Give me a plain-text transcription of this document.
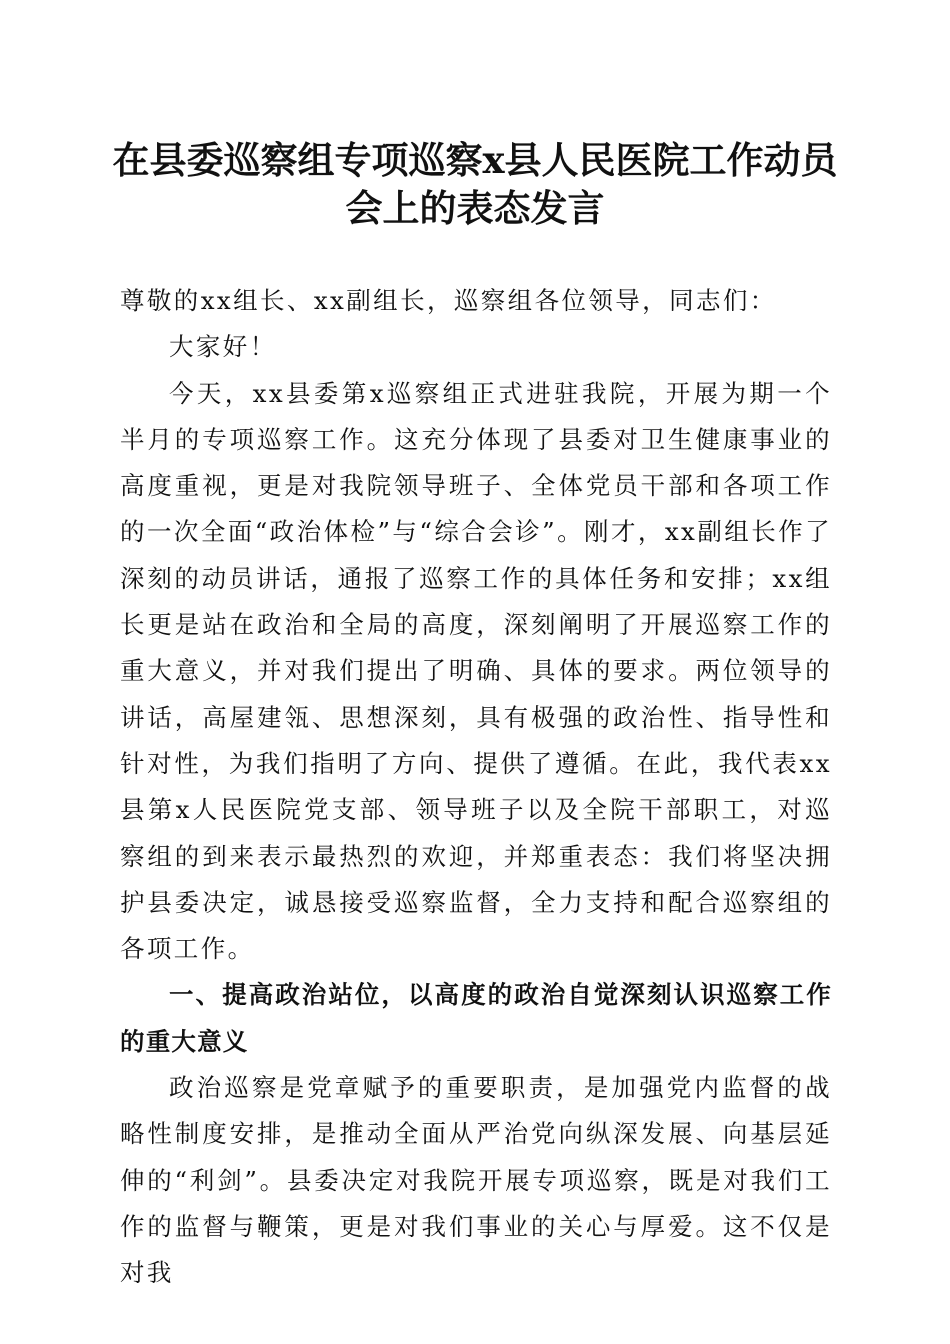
在县委巡察组专项巡察x县人民医院工作动员
会上的表态发言

尊敬的xx组长、xx副组长，巡察组各位领导，同志们：

大家好！

今天，xx县委第x巡察组正式进驻我院，开展为期一个半月的专项巡察工作。这充分体现了县委对卫生健康事业的高度重视，更是对我院领导班子、全体党员干部和各项工作的一次全面“政治体检”与“综合会诊”。刚才，xx副组长作了深刻的动员讲话，通报了巡察工作的具体任务和安排；xx组长更是站在政治和全局的高度，深刻阐明了开展巡察工作的重大意义，并对我们提出了明确、具体的要求。两位领导的讲话，高屋建瓴、思想深刻，具有极强的政治性、指导性和针对性，为我们指明了方向、提供了遵循。在此，我代表xx县第x人民医院党支部、领导班子以及全院干部职工，对巡察组的到来表示最热烈的欢迎，并郑重表态：我们将坚决拥护县委决定，诚恳接受巡察监督，全力支持和配合巡察组的各项工作。

一、提高政治站位，以高度的政治自觉深刻认识巡察工作的重大意义

政治巡察是党章赋予的重要职责，是加强党内监督的战略性制度安排，是推动全面从严治党向纵深发展、向基层延伸的“利剑”。县委决定对我院开展专项巡察，既是对我们工作的监督与鞭策，更是对我们事业的关心与厚爱。这不仅是对我
